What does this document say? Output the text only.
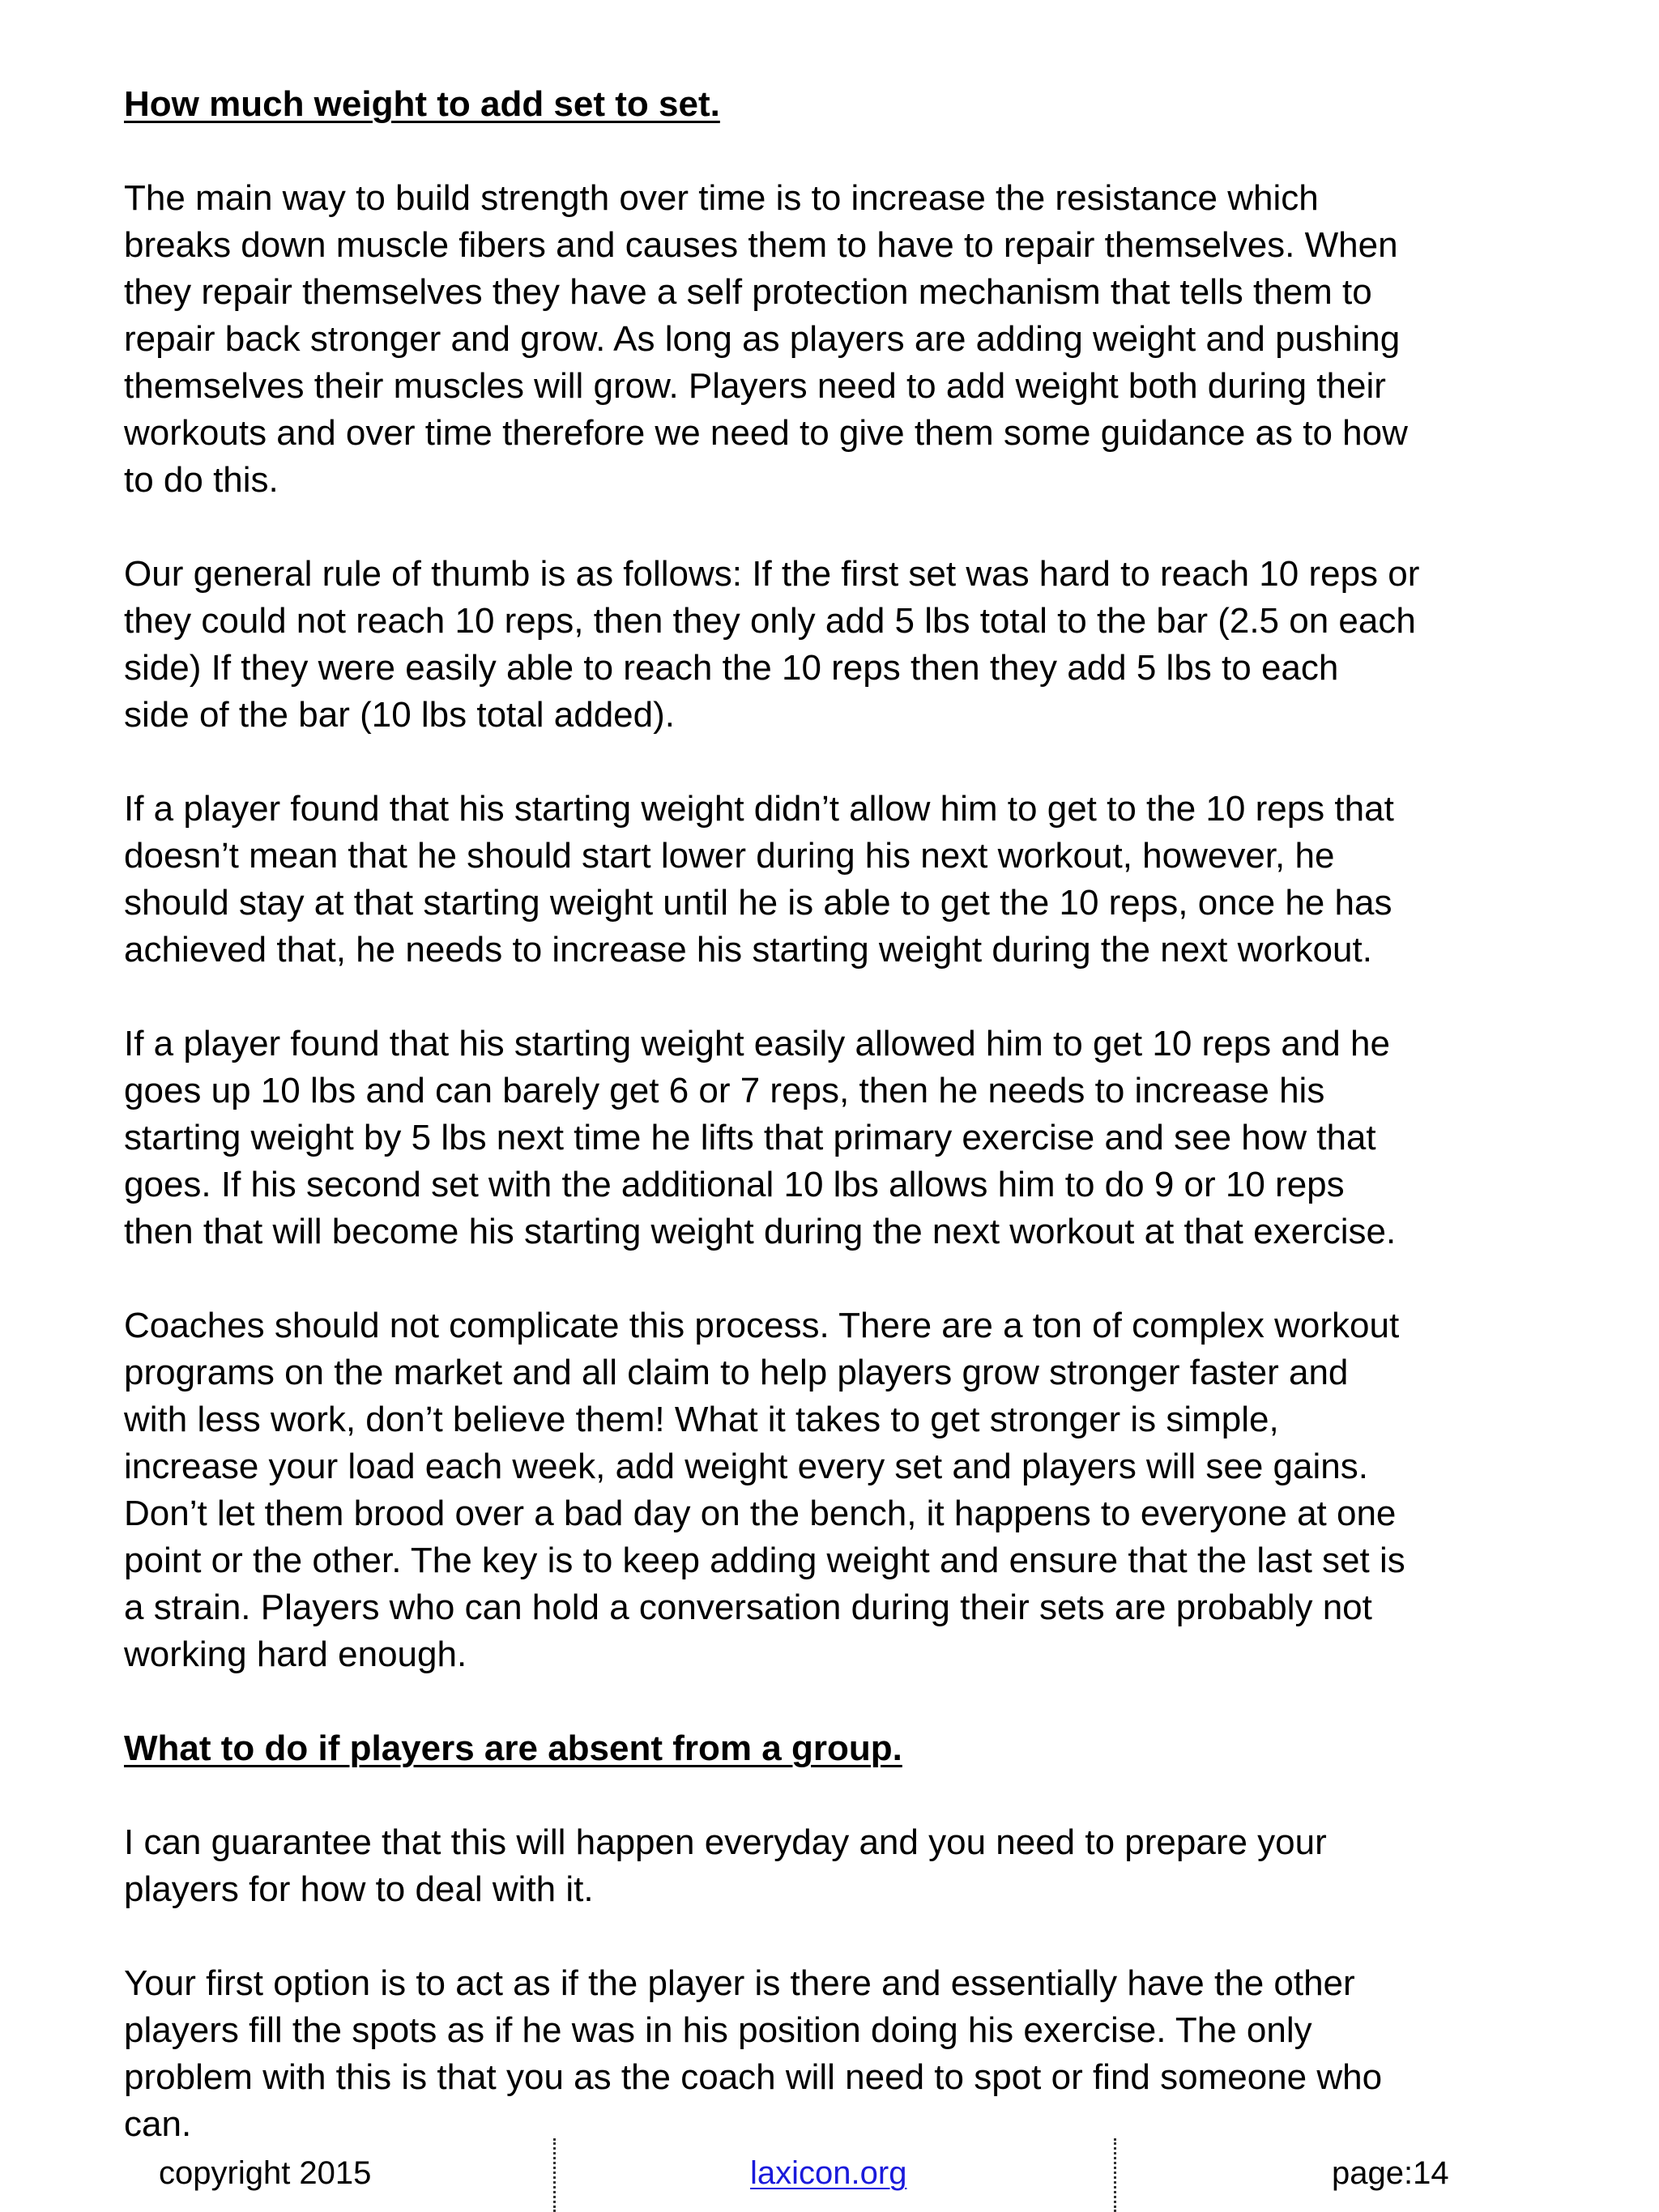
How much weight to add set to set.

The main way to build strength over time is to increase the resistance which
breaks down muscle fibers and causes them to have to repair themselves. When
they repair themselves they have a self protection mechanism that tells them to
repair back stronger and grow. As long as players are adding weight and pushing
themselves their muscles will grow. Players need to add weight both during their
workouts and over time therefore we need to give them some guidance as to how
to do this.

Our general rule of thumb is as follows: If the first set was hard to reach 10 reps or
they could not reach 10 reps, then they only add 5 lbs total to the bar (2.5 on each
side) If they were easily able to reach the 10 reps then they add 5 lbs to each
side of the bar (10 lbs total added).

If a player found that his starting weight didn’t allow him to get to the 10 reps that
doesn’t mean that he should start lower during his next workout, however, he
should stay at that starting weight until he is able to get the 10 reps, once he has
achieved that, he needs to increase his starting weight during the next workout.

If a player found that his starting weight easily allowed him to get 10 reps and he
goes up 10 lbs and can barely get 6 or 7 reps, then he needs to increase his
starting weight by 5 lbs next time he lifts that primary exercise and see how that
goes. If his second set with the additional 10 lbs allows him to do 9 or 10 reps
then that will become his starting weight during the next workout at that exercise.

Coaches should not complicate this process. There are a ton of complex workout
programs on the market and all claim to help players grow stronger faster and
with less work, don’t believe them! What it takes to get stronger is simple,
increase your load each week, add weight every set and players will see gains.
Don’t let them brood over a bad day on the bench, it happens to everyone at one
point or the other. The key is to keep adding weight and ensure that the last set is
a strain. Players who can hold a conversation during their sets are probably not
working hard enough.

What to do if players are absent from a group.

I can guarantee that this will happen everyday and you need to prepare your
players for how to deal with it.

Your first option is to act as if the player is there and essentially have the other
players fill the spots as if he was in his position doing his exercise. The only
problem with this is that you as the coach will need to spot or find someone who
can.

copyright 2015	laxicon.org	page:14
